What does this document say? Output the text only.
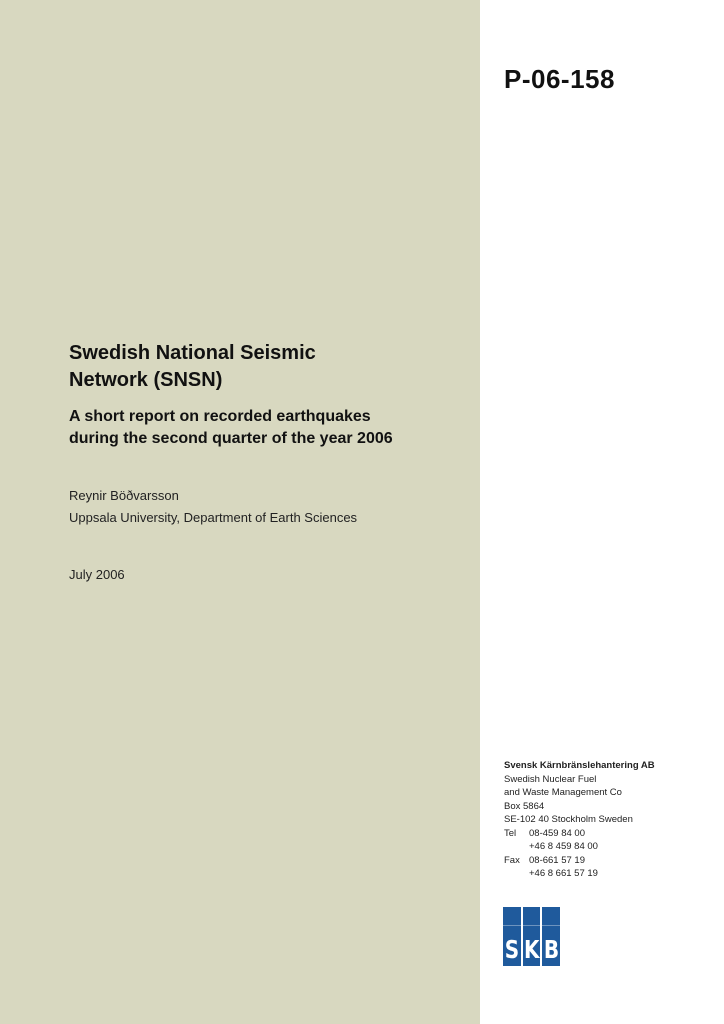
P-06-158
Swedish National Seismic
Network (SNSN)
A short report on recorded earthquakes
during the second quarter of the year 2006
Reynir Böðvarsson
Uppsala University, Department of Earth Sciences
July 2006
Svensk Kärnbränslehantering AB
Swedish Nuclear Fuel
and Waste Management Co
Box 5864
SE-102 40 Stockholm Sweden
Tel	08-459 84 00
+46 8 459 84 00
Fax 08-661 57 19
+46 8 661 57 19
S K B
